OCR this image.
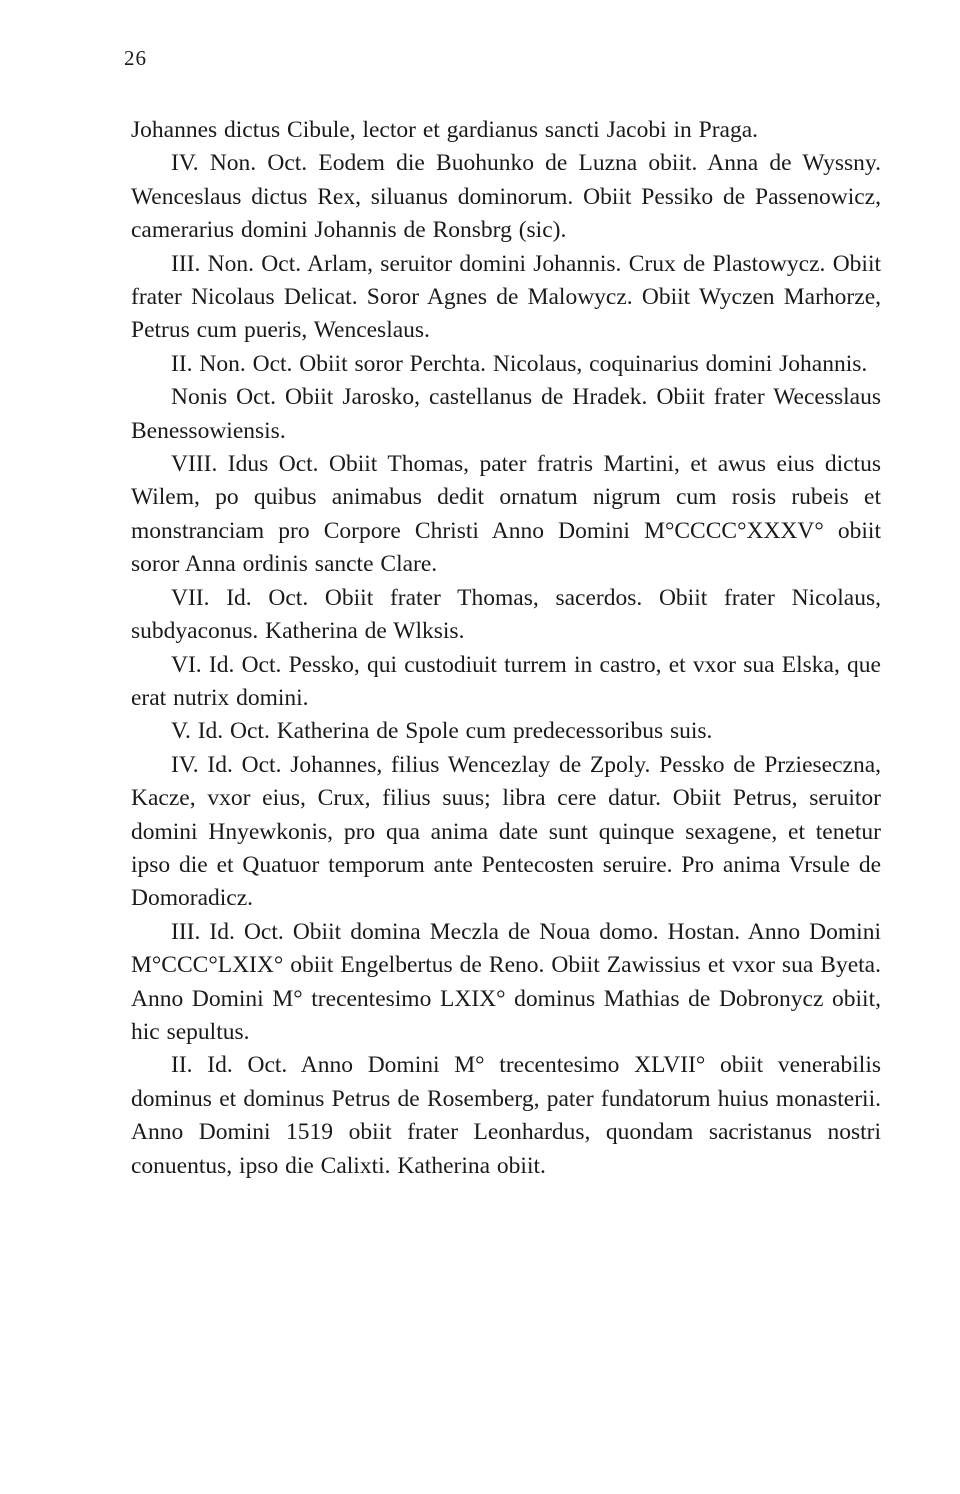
26

Johannes dictus Cibule, lector et gardianus sancti Jacobi in Praga.

IV. Non. Oct. Eodem die Buohunko de Luzna obiit. Anna de Wyssny. Wenceslaus dictus Rex, siluanus dominorum. Obiit Pessiko de Passenowicz, camerarius domini Johannis de Ronsbrg (sic).

III. Non. Oct. Arlam, seruitor domini Johannis. Crux de Plastowycz. Obiit frater Nicolaus Delicat. Soror Agnes de Malowycz. Obiit Wyczen Marhorze, Petrus cum pueris, Wenceslaus.

II. Non. Oct. Obiit soror Perchta. Nicolaus, coquinarius domini Johannis.

Nonis Oct. Obiit Jarosko, castellanus de Hradek. Obiit frater Wecesslaus Benessowiensis.

VIII. Idus Oct. Obiit Thomas, pater fratris Martini, et awus eius dictus Wilem, po quibus animabus dedit ornatum nigrum cum rosis rubeis et monstranciam pro Corpore Christi Anno Domini M°CCCC°XXXV° obiit soror Anna ordinis sancte Clare.

VII. Id. Oct. Obiit frater Thomas, sacerdos. Obiit frater Nicolaus, subdyaconus. Katherina de Wlksis.

VI. Id. Oct. Pessko, qui custodiuit turrem in castro, et vxor sua Elska, que erat nutrix domini.

V. Id. Oct. Katherina de Spole cum predecessoribus suis.

IV. Id. Oct. Johannes, filius Wencezlay de Zpoly. Pessko de Przieseczna, Kacze, vxor eius, Crux, filius suus; libra cere datur. Obiit Petrus, seruitor domini Hnyewkonis, pro qua anima date sunt quinque sexagene, et tenetur ipso die et Quatuor temporum ante Pentecosten seruire. Pro anima Vrsule de Domoradicz.

III. Id. Oct. Obiit domina Meczla de Noua domo. Hostan. Anno Domini M°CCC°LXIX° obiit Engelbertus de Reno. Obiit Zawissius et vxor sua Byeta. Anno Domini M° trecentesimo LXIX° dominus Mathias de Dobronycz obiit, hic sepultus.

II. Id. Oct. Anno Domini M° trecentesimo XLVII° obiit venerabilis dominus et dominus Petrus de Rosemberg, pater fundatorum huius monasterii. Anno Domini 1519 obiit frater Leonhardus, quondam sacristanus nostri conuentus, ipso die Calixti. Katherina obiit.
